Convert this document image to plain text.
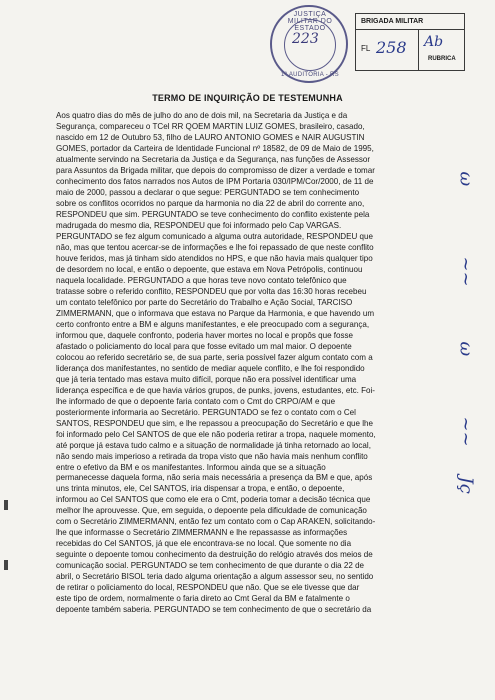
JUSTIÇA MILITAR DO ESTADO
223
1ª AUDITORIA - RS
BRIGADA MILITAR
FL 258 Ab
RUBRICA
TERMO DE INQUIRIÇÃO DE TESTEMUNHA
Aos quatro dias do mês de julho do ano de dois mil, na Secretaria da Justiça e da
Segurança, compareceu o TCel RR QOEM MARTIN LUIZ GOMES, brasileiro, casado,
nascido em 12 de Outubro 53, filho de LAURO ANTONIO GOMES e NAIR AUGUSTIN
GOMES, portador da Carteira de Identidade Funcional nº 18582, de 09 de Maio de 1995,
atualmente servindo na Secretaria da Justiça e da Segurança, nas funções de Assessor
para Assuntos da Brigada militar, que depois do compromisso de dizer a verdade e tomar
conhecimento dos fatos narrados nos Autos de IPM Portaria 030/IPM/Cor/2000, de 11 de
maio de 2000, passou a declarar o que segue: PERGUNTADO se tem conhecimento
sobre os conflitos ocorridos no parque da harmonia no dia 22 de abril do corrente ano,
RESPONDEU que sim. PERGUNTADO se teve conhecimento do conflito existente pela
madrugada do mesmo dia, RESPONDEU que foi informado pelo Cap VARGAS.
PERGUNTADO se fez algum comunicado a alguma outra autoridade, RESPONDEU que
não, mas que tentou acercar-se de informações e lhe foi repassado de que neste conflito
houve feridos, mas já tinham sido atendidos no HPS, e que não havia mais qualquer tipo
de desordem no local, e então o depoente, que estava em Nova Petrópolis, continuou
naquela localidade. PERGUNTADO a que horas teve novo contato telefônico que
tratasse sobre o referido conflito, RESPONDEU que por volta das 16:30 horas recebeu
um contato telefônico por parte do Secretário do Trabalho e Ação Social, TARCISO
ZIMMERMANN, que o informava que estava no Parque da Harmonia, e que havendo um
certo confronto entre a BM e alguns manifestantes, e ele preocupado com a segurança,
informou que, daquele confronto, poderia haver mortes no local e propôs que fosse
afastado o policiamento do local para que fosse evitado um mal maior. O depoente
colocou ao referido secretário se, de sua parte, seria possível fazer algum contato com a
liderança dos manifestantes, no sentido de mediar aquele conflito, e lhe foi respondido
que já teria tentado mas estava muito difícil, porque não era possível identificar uma
liderança específica e de que havia vários grupos, de punks, jovens, estudantes, etc. Foi-
lhe informado de que o depoente faria contato com o Cmt do CRPO/AM e que
posteriormente informaria ao Secretário. PERGUNTADO se fez o contato com o Cel
SANTOS, RESPONDEU que sim, e lhe repassou a preocupação do Secretário e que lhe
foi informado pelo Cel SANTOS de que ele não poderia retirar a tropa, naquele momento,
até porque já estava tudo calmo e a situação de normalidade já tinha retornado ao local,
não sendo mais imperioso a retirada da tropa visto que não havia mais nenhum conflito
entre o efetivo da BM e os manifestantes. Informou ainda que se a situação
permanecesse daquela forma, não seria mais necessária a presença da BM e que, após
uns trinta minutos, ele, Cel SANTOS, iria dispensar a tropa, e então, o depoente,
informou ao Cel SANTOS que como ele era o Cmt, poderia tomar a decisão técnica que
melhor lhe aprouvesse. Que, em seguida, o depoente pela dificuldade de comunicação
com o Secretário ZIMMERMANN, então fez um contato com o Cap ARAKEN, solicitando-
lhe que informasse o Secretário ZIMMERMANN e lhe repassasse as informações
recebidas do Cel SANTOS, já que ele encontrava-se no local. Que somente no dia
seguinte o depoente tomou conhecimento da destruição do relógio através dos meios de
comunicação social. PERGUNTADO se tem conhecimento de que durante o dia 22 de
abril, o Secretário BISOL teria dado alguma orientação a algum assessor seu, no sentido
de retirar o policiamento do local, RESPONDEU que não. Que se ele tivesse que dar
este tipo de ordem, normalmente o faria direto ao Cmt Geral da BM e fatalmente o
depoente também saberia. PERGUNTADO se tem conhecimento de que o secretário da
ω
~~
ω
~~
Jç
